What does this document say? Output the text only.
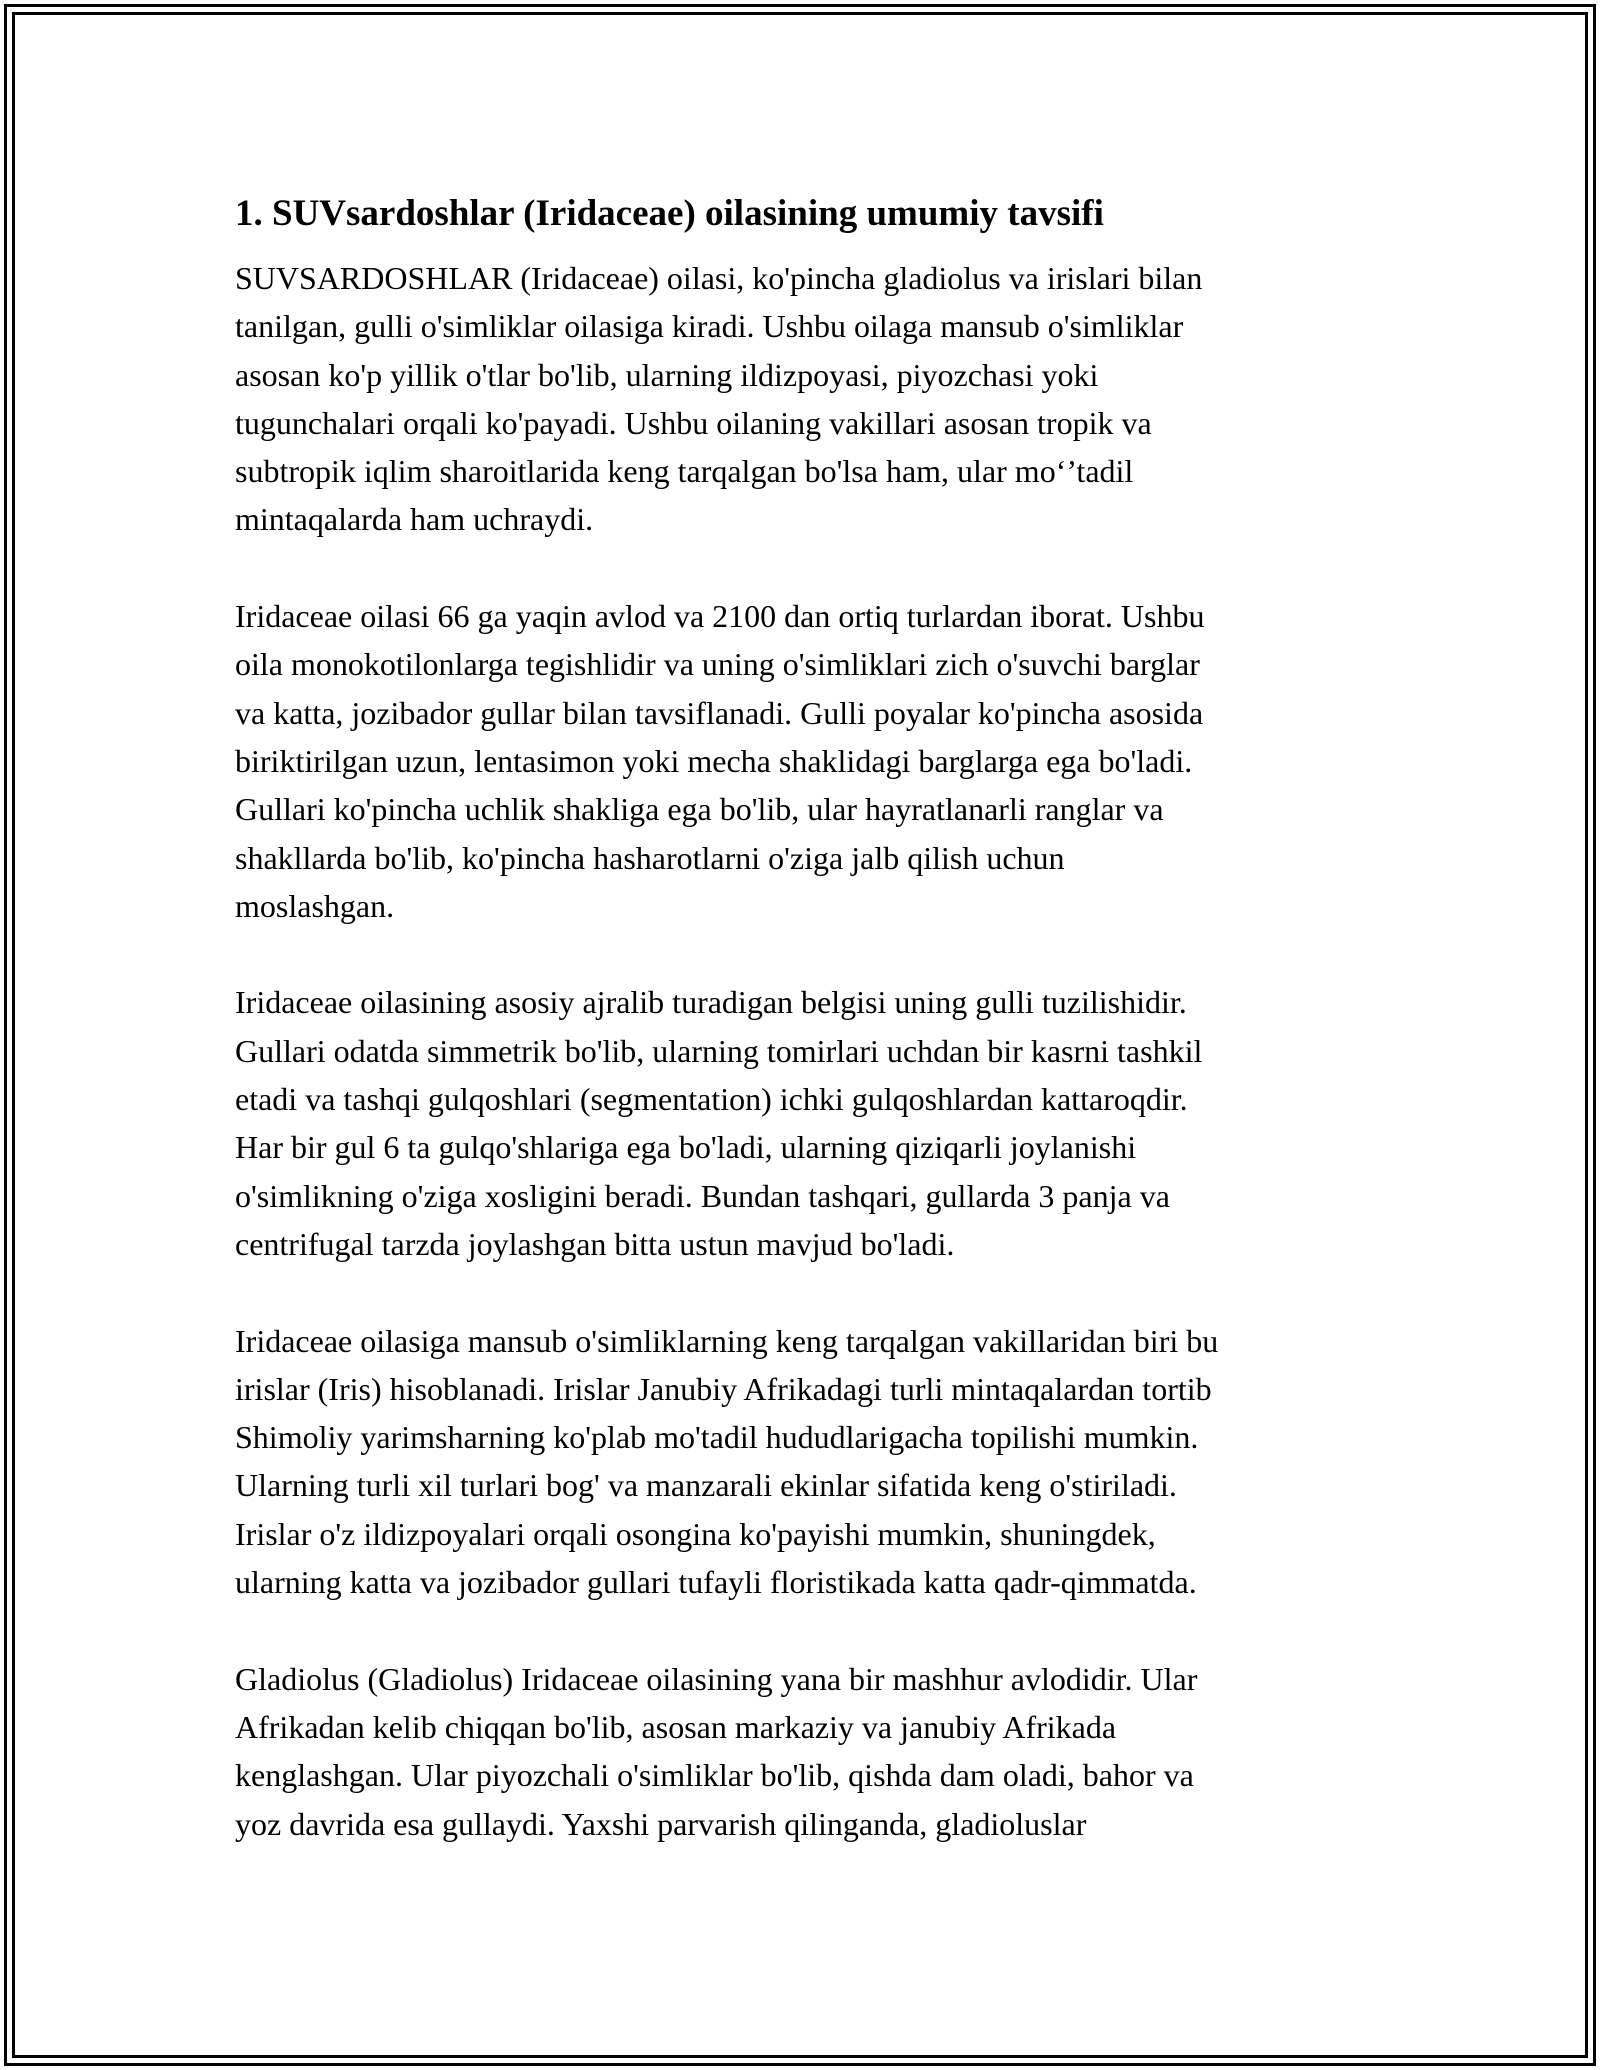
1. SUVsardoshlar (Iridaceae) oilasining umumiy tavsifi

SUVSARDOSHLAR (Iridaceae) oilasi, ko'pincha gladiolus va irislari bilan
tanilgan, gulli o'simliklar oilasiga kiradi. Ushbu oilaga mansub o'simliklar
asosan ko'p yillik o'tlar bo'lib, ularning ildizpoyasi, piyozchasi yoki
tugunchalari orqali ko'payadi. Ushbu oilaning vakillari asosan tropik va
subtropik iqlim sharoitlarida keng tarqalgan bo'lsa ham, ular mo‘’tadil
mintaqalarda ham uchraydi.

Iridaceae oilasi 66 ga yaqin avlod va 2100 dan ortiq turlardan iborat. Ushbu
oila monokotilonlarga tegishlidir va uning o'simliklari zich o'suvchi barglar
va katta, jozibador gullar bilan tavsiflanadi. Gulli poyalar ko'pincha asosida
biriktirilgan uzun, lentasimon yoki mecha shaklidagi barglarga ega bo'ladi.
Gullari ko'pincha uchlik shakliga ega bo'lib, ular hayratlanarli ranglar va
shakllarda bo'lib, ko'pincha hasharotlarni o'ziga jalb qilish uchun
moslashgan.

Iridaceae oilasining asosiy ajralib turadigan belgisi uning gulli tuzilishidir.
Gullari odatda simmetrik bo'lib, ularning tomirlari uchdan bir kasrni tashkil
etadi va tashqi gulqoshlari (segmentation) ichki gulqoshlardan kattaroqdir.
Har bir gul 6 ta gulqo'shlariga ega bo'ladi, ularning qiziqarli joylanishi
o'simlikning o'ziga xosligini beradi. Bundan tashqari, gullarda 3 panja va
centrifugal tarzda joylashgan bitta ustun mavjud bo'ladi.

Iridaceae oilasiga mansub o'simliklarning keng tarqalgan vakillaridan biri bu
irislar (Iris) hisoblanadi. Irislar Janubiy Afrikadagi turli mintaqalardan tortib
Shimoliy yarimsharning ko'plab mo'tadil hududlarigacha topilishi mumkin.
Ularning turli xil turlari bog' va manzarali ekinlar sifatida keng o'stiriladi.
Irislar o'z ildizpoyalari orqali osongina ko'payishi mumkin, shuningdek,
ularning katta va jozibador gullari tufayli floristikada katta qadr-qimmatda.

Gladiolus (Gladiolus) Iridaceae oilasining yana bir mashhur avlodidir. Ular
Afrikadan kelib chiqqan bo'lib, asosan markaziy va janubiy Afrikada
kenglashgan. Ular piyozchali o'simliklar bo'lib, qishda dam oladi, bahor va
yoz davrida esa gullaydi. Yaxshi parvarish qilinganda, gladioluslar
